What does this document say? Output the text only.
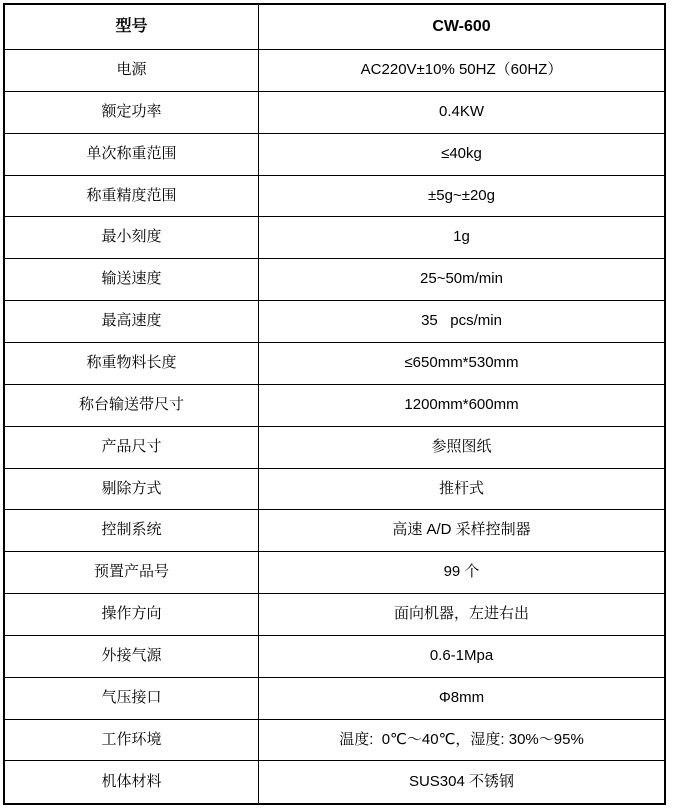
型号	CW-600
电源	AC220V±10% 50HZ（60HZ）
额定功率	0.4KW
单次称重范围	≤40kg
称重精度范围	±5g~±20g
最小刻度	1g
输送速度	25~50m/min
最高速度	35   pcs/min
称重物料长度	≤650mm*530mm
称台输送带尺寸	1200mm*600mm
产品尺寸	参照图纸
剔除方式	推杆式
控制系统	高速 A/D 采样控制器
预置产品号	99 个
操作方向	面向机器，左进右出
外接气源	0.6-1Mpa
气压接口	Φ8mm
工作环境	温度:  0℃～40℃，湿度: 30%～95%
机体材料	SUS304 不锈钢
